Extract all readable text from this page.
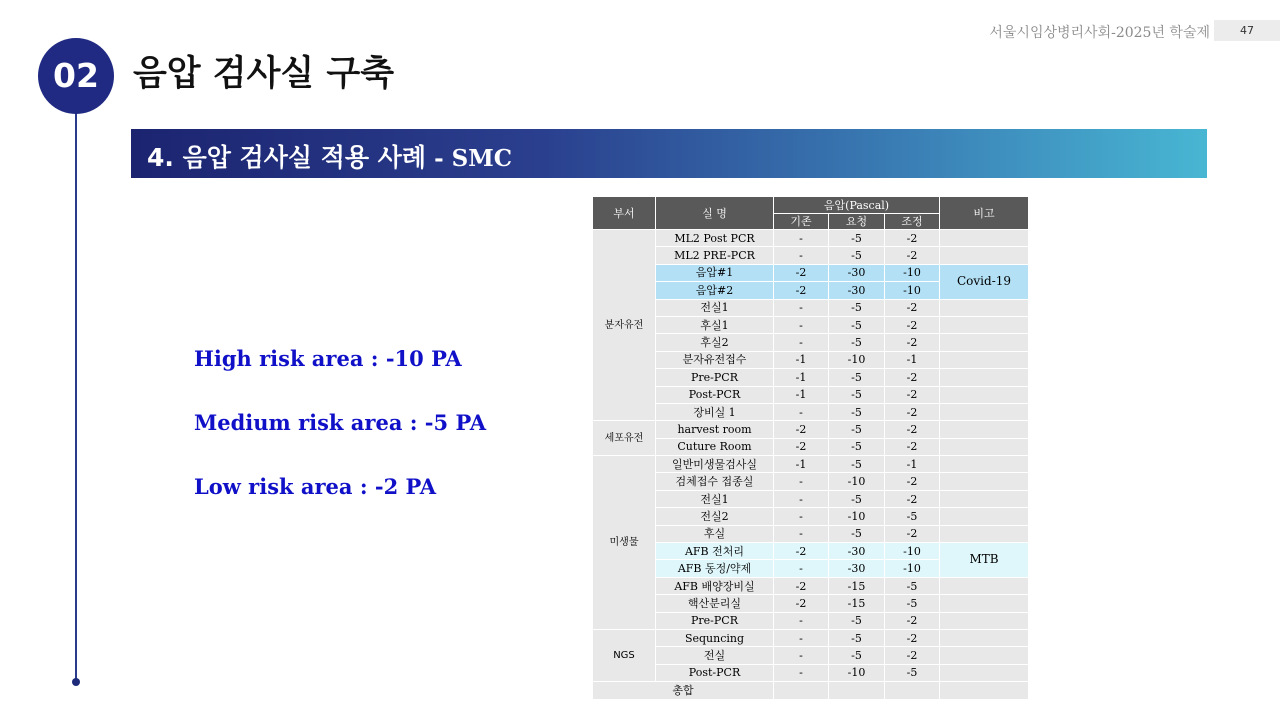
서울시임상병리사회-2025년 학술제	47
02 음압 검사실 구축
4. 음압 검사실 적용 사례 - SMC
High risk area : -10 PA
Medium risk area : -5 PA
Low risk area : -2 PA
부서	실 명	음압(Pascal)			비고
		기존	요청	조정	
분자유전	ML2 Post PCR	-	-5	-2	
	ML2 PRE-PCR	-	-5	-2	
	음압#1	-2	-30	-10	Covid-19
	음압#2	-2	-30	-10	
	전실1	-	-5	-2	
	후실1	-	-5	-2	
	후실2	-	-5	-2	
	분자유전접수	-1	-10	-1	
	Pre-PCR	-1	-5	-2	
	Post-PCR	-1	-5	-2	
	장비실 1	-	-5	-2	
세포유전	harvest room	-2	-5	-2	
	Cuture Room	-2	-5	-2	
미생물	일반미생물검사실	-1	-5	-1	
	검체접수 접종실	-	-10	-2	
	전실1	-	-5	-2	
	전실2	-	-10	-5	
	후실	-	-5	-2	
	AFB 전처리	-2	-30	-10	MTB
	AFB 동정/약제	-	-30	-10	
	AFB 배양장비실	-2	-15	-5	
	핵산분리실	-2	-15	-5	
	Pre-PCR	-	-5	-2	
NGS	Sequncing	-	-5	-2	
	전실	-	-5	-2	
	Post-PCR	-	-10	-5	
총합					
